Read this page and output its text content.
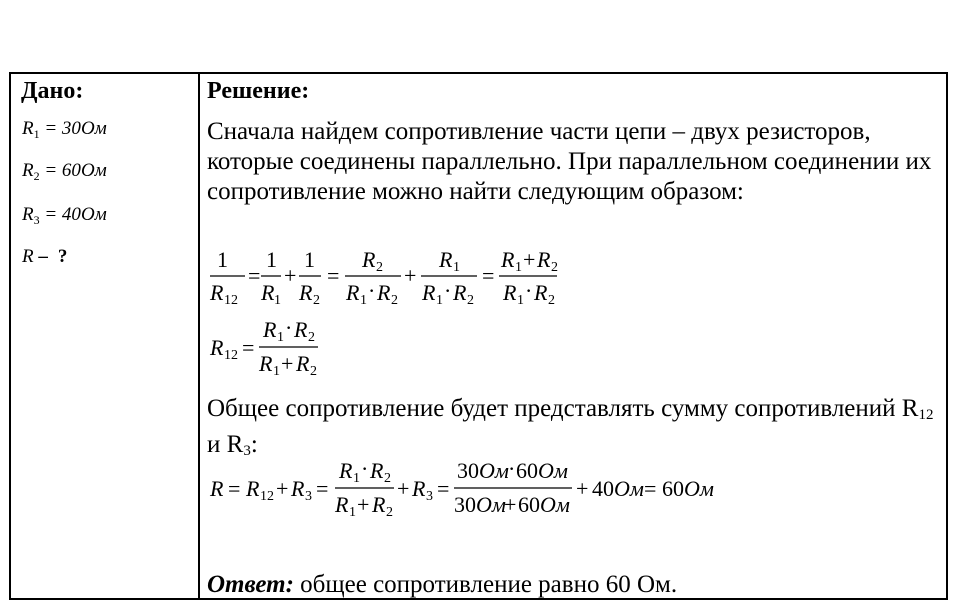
Дано:
$R_1 = 30Ом$
$R_2 = 60Ом$
$R_3 = 40Ом$
R – ?
Решение:
Сначала найдем сопротивление части цепи – двух резисторов, которые соединены параллельно. При параллельном соединении их сопротивление можно найти следующим образом:
1
R 12
=
1
R 1
+
1
R 2
=
R 2
R 1 · R 2
+
R 1
R 1 · R 2
=
R 1 + R 2
R 1 · R 2
R 12 =
R 1 · R 2
R 1 + R 2
Общее сопротивление будет представлять сумму сопротивлений $R_{12}$ и $R_3$:
R = R 12 + R 3 =
R 1 · R 2
R 1 + R 2
+ R 3 =
30 Ом · 60 Ом
30 Ом
+ 60 Ом
+ 40 Ом = 60 Ом
Ответ: общее сопротивление равно 60 Ом.
